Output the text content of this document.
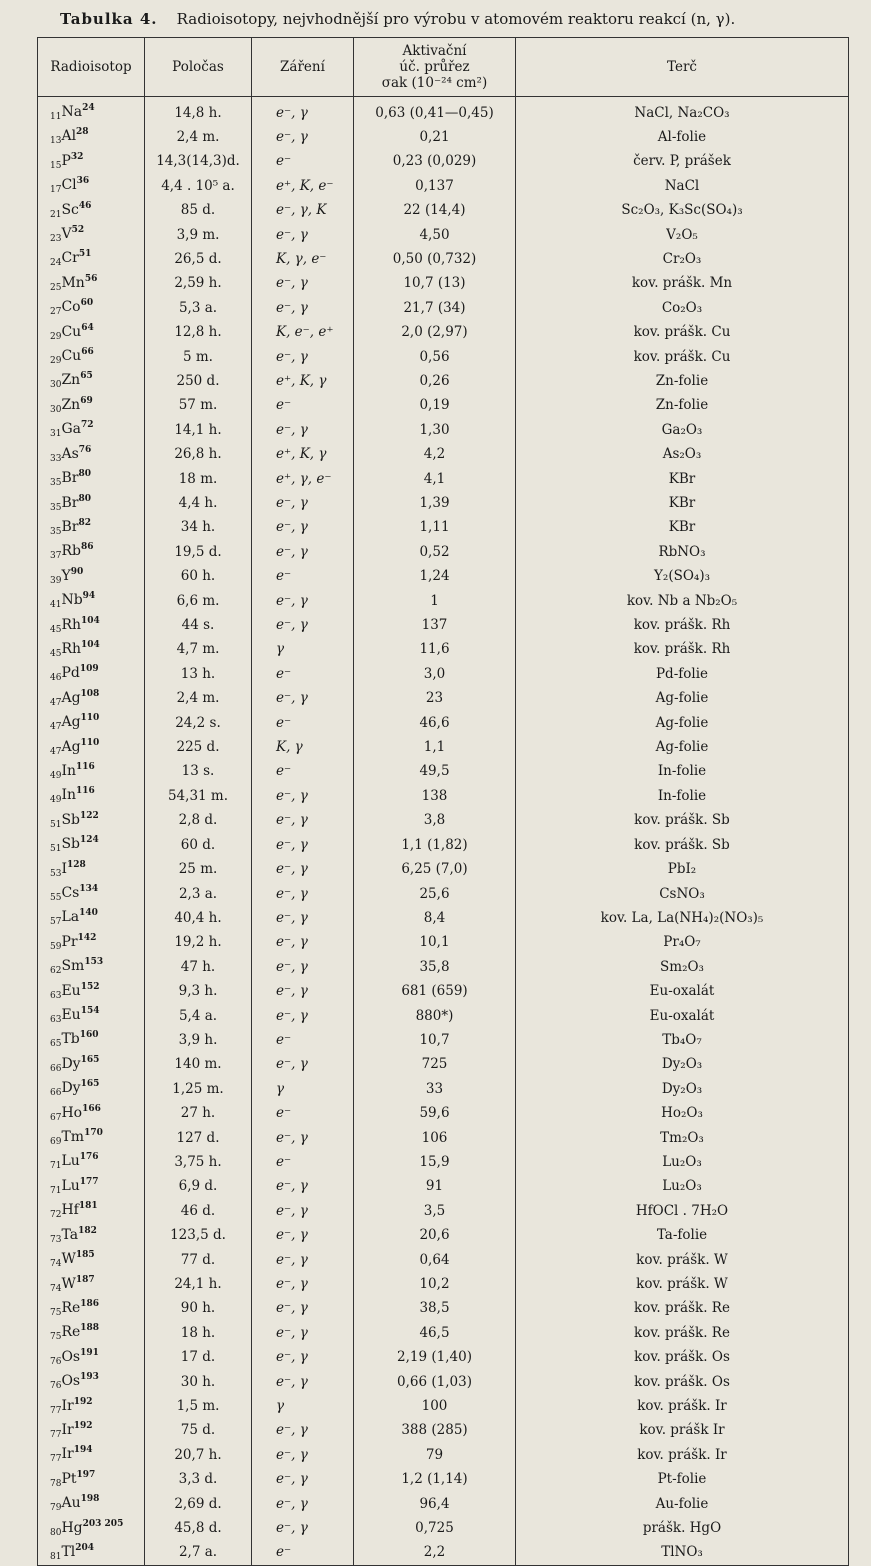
Tabulka 4. Radioisotopy, nejvhodnější pro výrobu v atomovém reaktoru reakcí (n, γ).
Radioisotop	Poločas	Záření	Aktivační
úč. průřez
σak (10⁻²⁴ cm²)	Terč
$_{11}Na^{24}$	14,8 h.	e⁻, γ	0,63 (0,41—0,45)	NaCl, Na₂CO₃
$_{13}Al^{28}$	2,4 m.	e⁻, γ	0,21	Al-folie
$_{15}P^{32}$	14,3(14,3)d.	e⁻	0,23 (0,029)	červ. P, prášek
$_{17}Cl^{36}$	4,4 . 10⁵ a.	e⁺, K, e⁻	0,137	NaCl
$_{21}Sc^{46}$	85 d.	e⁻, γ, K	22 (14,4)	Sc₂O₃, K₃Sc(SO₄)₃
$_{23}V^{52}$	3,9 m.	e⁻, γ	4,50	V₂O₅
$_{24}Cr^{51}$	26,5 d.	K, γ, e⁻	0,50 (0,732)	Cr₂O₃
$_{25}Mn^{56}$	2,59 h.	e⁻, γ	10,7 (13)	kov. prášk. Mn
$_{27}Co^{60}$	5,3 a.	e⁻, γ	21,7 (34)	Co₂O₃
$_{29}Cu^{64}$	12,8 h.	K, e⁻, e⁺	2,0 (2,97)	kov. prášk. Cu
$_{29}Cu^{66}$	5 m.	e⁻, γ	0,56	kov. prášk. Cu
$_{30}Zn^{65}$	250 d.	e⁺, K, γ	0,26	Zn-folie
$_{30}Zn^{69}$	57 m.	e⁻	0,19	Zn-folie
$_{31}Ga^{72}$	14,1 h.	e⁻, γ	1,30	Ga₂O₃
$_{33}As^{76}$	26,8 h.	e⁺, K, γ	4,2	As₂O₃
$_{35}Br^{80}$	18 m.	e⁺, γ, e⁻	4,1	KBr
$_{35}Br^{80}$	4,4 h.	e⁻, γ	1,39	KBr
$_{35}Br^{82}$	34 h.	e⁻, γ	1,11	KBr
$_{37}Rb^{86}$	19,5 d.	e⁻, γ	0,52	RbNO₃
$_{39}Y^{90}$	60 h.	e⁻	1,24	Y₂(SO₄)₃
$_{41}Nb^{94}$	6,6 m.	e⁻, γ	1	kov. Nb a Nb₂O₅
$_{45}Rh^{104}$	44 s.	e⁻, γ	137	kov. prášk. Rh
$_{45}Rh^{104}$	4,7 m.	γ	11,6	kov. prášk. Rh
$_{46}Pd^{109}$	13 h.	e⁻	3,0	Pd-folie
$_{47}Ag^{108}$	2,4 m.	e⁻, γ	23	Ag-folie
$_{47}Ag^{110}$	24,2 s.	e⁻	46,6	Ag-folie
$_{47}Ag^{110}$	225 d.	K, γ	1,1	Ag-folie
$_{49}In^{116}$	13 s.	e⁻	49,5	In-folie
$_{49}In^{116}$	54,31 m.	e⁻, γ	138	In-folie
$_{51}Sb^{122}$	2,8 d.	e⁻, γ	3,8	kov. prášk. Sb
$_{51}Sb^{124}$	60 d.	e⁻, γ	1,1 (1,82)	kov. prášk. Sb
$_{53}I^{128}$	25 m.	e⁻, γ	6,25 (7,0)	PbI₂
$_{55}Cs^{134}$	2,3 a.	e⁻, γ	25,6	CsNO₃
$_{57}La^{140}$	40,4 h.	e⁻, γ	8,4	kov. La, La(NH₄)₂(NO₃)₅
$_{59}Pr^{142}$	19,2 h.	e⁻, γ	10,1	Pr₄O₇
$_{62}Sm^{153}$	47 h.	e⁻, γ	35,8	Sm₂O₃
$_{63}Eu^{152}$	9,3 h.	e⁻, γ	681 (659)	Eu-oxalát
$_{63}Eu^{154}$	5,4 a.	e⁻, γ	880*)	Eu-oxalát
$_{65}Tb^{160}$	3,9 h.	e⁻	10,7	Tb₄O₇
$_{66}Dy^{165}$	140 m.	e⁻, γ	725	Dy₂O₃
$_{66}Dy^{165}$	1,25 m.	γ	33	Dy₂O₃
$_{67}Ho^{166}$	27 h.	e⁻	59,6	Ho₂O₃
$_{69}Tm^{170}$	127 d.	e⁻, γ	106	Tm₂O₃
$_{71}Lu^{176}$	3,75 h.	e⁻	15,9	Lu₂O₃
$_{71}Lu^{177}$	6,9 d.	e⁻, γ	91	Lu₂O₃
$_{72}Hf^{181}$	46 d.	e⁻, γ	3,5	HfOCl . 7H₂O
$_{73}Ta^{182}$	123,5 d.	e⁻, γ	20,6	Ta-folie
$_{74}W^{185}$	77 d.	e⁻, γ	0,64	kov. prášk. W
$_{74}W^{187}$	24,1 h.	e⁻, γ	10,2	kov. prášk. W
$_{75}Re^{186}$	90 h.	e⁻, γ	38,5	kov. prášk. Re
$_{75}Re^{188}$	18 h.	e⁻, γ	46,5	kov. prášk. Re
$_{76}Os^{191}$	17 d.	e⁻, γ	2,19 (1,40)	kov. prášk. Os
$_{76}Os^{193}$	30 h.	e⁻, γ	0,66 (1,03)	kov. prášk. Os
$_{77}Ir^{192}$	1,5 m.	γ	100	kov. prášk. Ir
$_{77}Ir^{192}$	75 d.	e⁻, γ	388 (285)	kov. prášk Ir
$_{77}Ir^{194}$	20,7 h.	e⁻, γ	79	kov. prášk. Ir
$_{78}Pt^{197}$	3,3 d.	e⁻, γ	1,2 (1,14)	Pt-folie
$_{79}Au^{198}$	2,69 d.	e⁻, γ	96,4	Au-folie
$_{80}Hg^{203 205}$	45,8 d.	e⁻, γ	0,725	prášk. HgO
$_{81}Tl^{204}$	2,7 a.	e⁻	2,2	TlNO₃
